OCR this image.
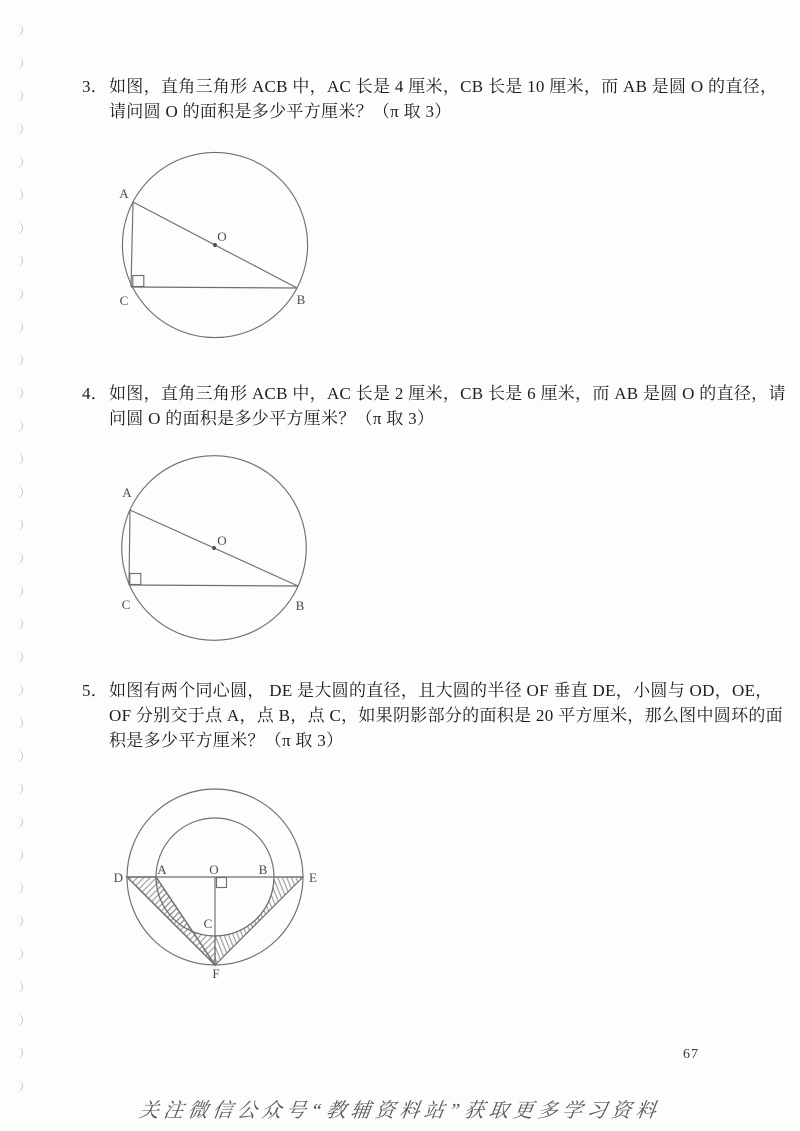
3． 如图，直角三角形 ACB 中，AC 长是 4 厘米，CB 长是 10 厘米，而 AB 是圆 O 的直径，
请问圆 O 的面积是多少平方厘米？（π 取 3）
A
C	B
O
4． 如图，直角三角形 ACB 中，AC 长是 2 厘米，CB 长是 6 厘米，而 AB 是圆 O 的直径，请
问圆 O 的面积是多少平方厘米？（π 取 3）
A
C	B
O
5． 如图有两个同心圆， DE 是大圆的直径，且大圆的半径 OF 垂直 DE，小圆与 OD，OE，
OF 分别交于点 A，点 B，点 C，如果阴影部分的面积是 20 平方厘米，那么图中圆环的面
积是多少平方厘米？（π 取 3）
D
A	O	B
E
C
F
67
关注微信公众号“教辅资料站”获取更多学习资料
